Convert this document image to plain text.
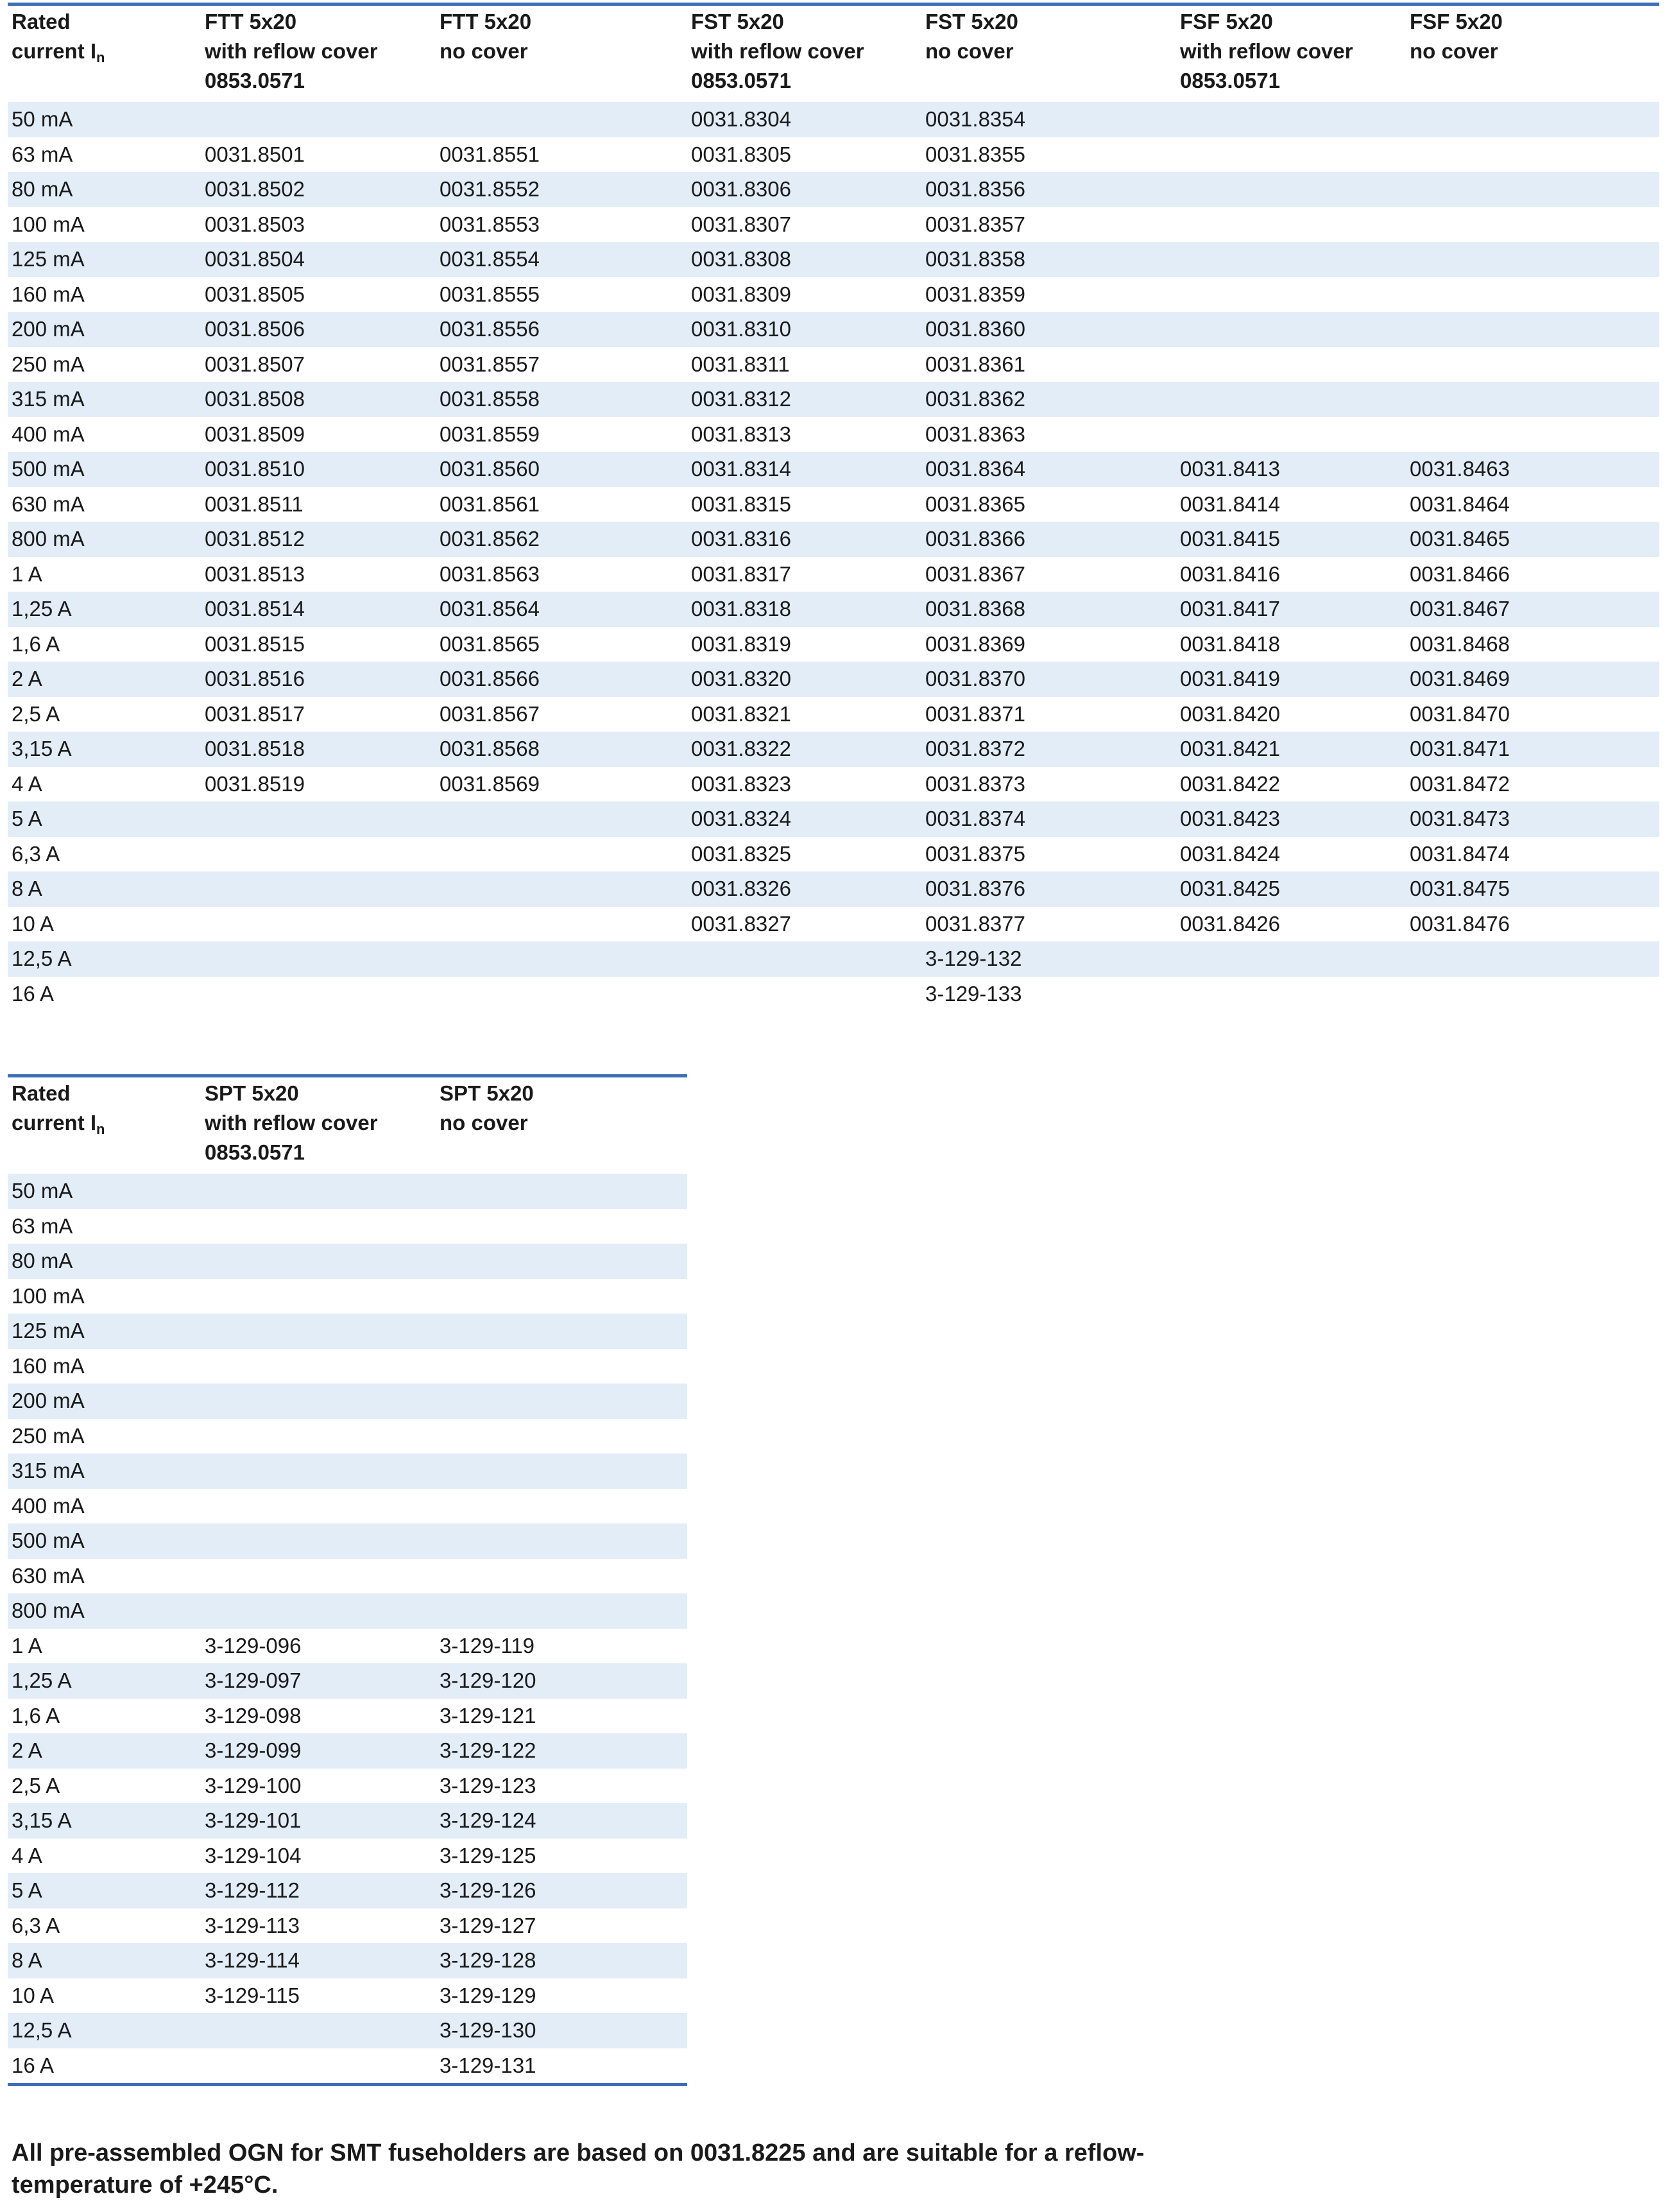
Rated
current $I_n$	FTT 5x20
with reflow cover
0853.0571	FTT 5x20
no cover	FST 5x20
with reflow cover
0853.0571	FST 5x20
no cover	FSF 5x20
with reflow cover
0853.0571	FSF 5x20
no cover
50 mA			0031.8304	0031.8354		
63 mA	0031.8501	0031.8551	0031.8305	0031.8355		
80 mA	0031.8502	0031.8552	0031.8306	0031.8356		
100 mA	0031.8503	0031.8553	0031.8307	0031.8357		
125 mA	0031.8504	0031.8554	0031.8308	0031.8358		
160 mA	0031.8505	0031.8555	0031.8309	0031.8359		
200 mA	0031.8506	0031.8556	0031.8310	0031.8360		
250 mA	0031.8507	0031.8557	0031.8311	0031.8361		
315 mA	0031.8508	0031.8558	0031.8312	0031.8362		
400 mA	0031.8509	0031.8559	0031.8313	0031.8363		
500 mA	0031.8510	0031.8560	0031.8314	0031.8364	0031.8413	0031.8463
630 mA	0031.8511	0031.8561	0031.8315	0031.8365	0031.8414	0031.8464
800 mA	0031.8512	0031.8562	0031.8316	0031.8366	0031.8415	0031.8465
1 A	0031.8513	0031.8563	0031.8317	0031.8367	0031.8416	0031.8466
1,25 A	0031.8514	0031.8564	0031.8318	0031.8368	0031.8417	0031.8467
1,6 A	0031.8515	0031.8565	0031.8319	0031.8369	0031.8418	0031.8468
2 A	0031.8516	0031.8566	0031.8320	0031.8370	0031.8419	0031.8469
2,5 A	0031.8517	0031.8567	0031.8321	0031.8371	0031.8420	0031.8470
3,15 A	0031.8518	0031.8568	0031.8322	0031.8372	0031.8421	0031.8471
4 A	0031.8519	0031.8569	0031.8323	0031.8373	0031.8422	0031.8472
5 A			0031.8324	0031.8374	0031.8423	0031.8473
6,3 A			0031.8325	0031.8375	0031.8424	0031.8474
8 A			0031.8326	0031.8376	0031.8425	0031.8475
10 A			0031.8327	0031.8377	0031.8426	0031.8476
12,5 A				3-129-132		
16 A				3-129-133		
Rated
current $I_n$	SPT 5x20
with reflow cover
0853.0571	SPT 5x20
no cover
50 mA		
63 mA		
80 mA		
100 mA		
125 mA		
160 mA		
200 mA		
250 mA		
315 mA		
400 mA		
500 mA		
630 mA		
800 mA		
1 A	3-129-096	3-129-119
1,25 A	3-129-097	3-129-120
1,6 A	3-129-098	3-129-121
2 A	3-129-099	3-129-122
2,5 A	3-129-100	3-129-123
3,15 A	3-129-101	3-129-124
4 A	3-129-104	3-129-125
5 A	3-129-112	3-129-126
6,3 A	3-129-113	3-129-127
8 A	3-129-114	3-129-128
10 A	3-129-115	3-129-129
12,5 A		3-129-130
16 A		3-129-131

All pre-assembled OGN for SMT fuseholders are based on 0031.8225 and are suitable for a reflow-temperature of +245°C.
